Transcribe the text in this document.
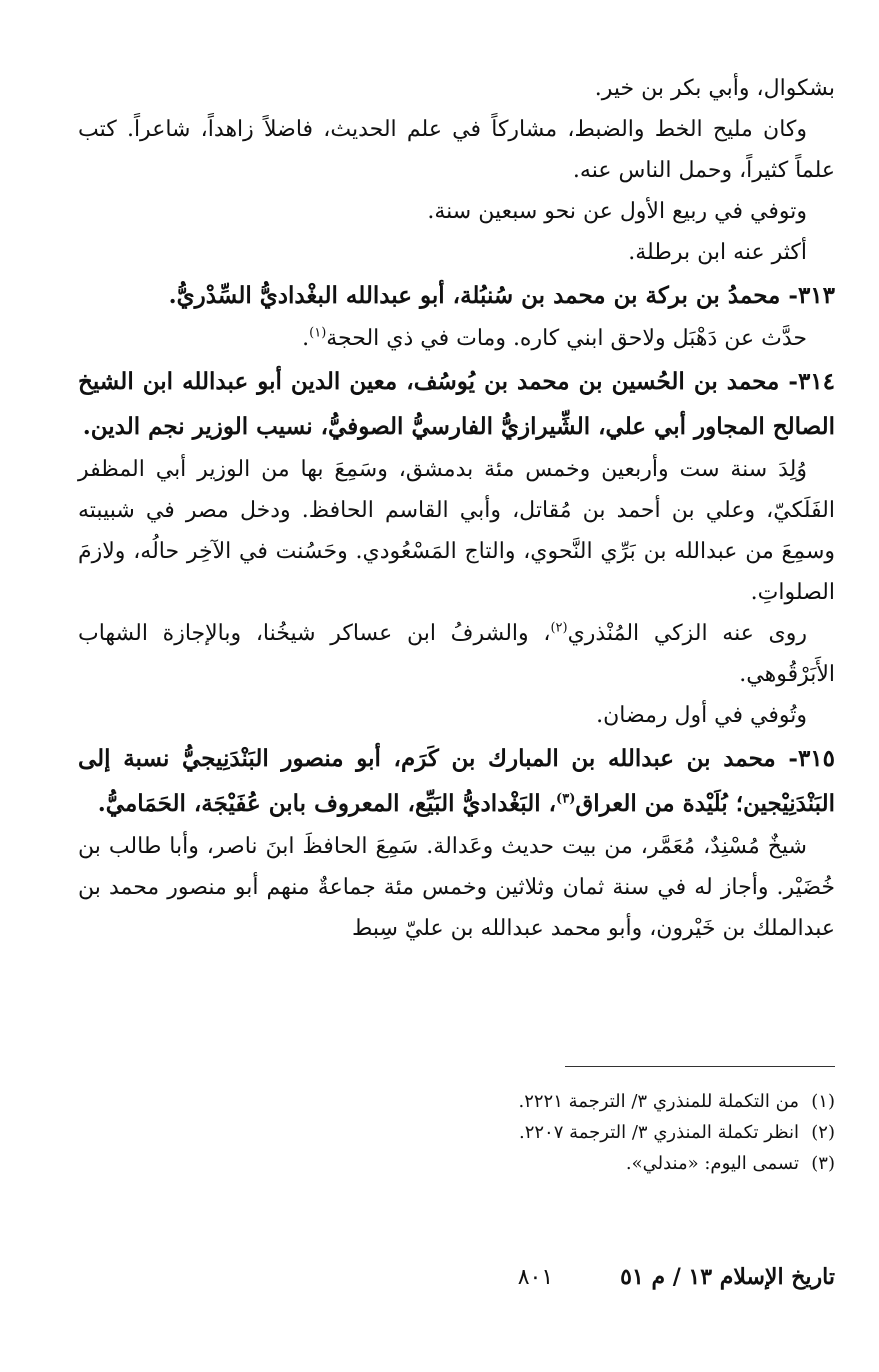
بشكوال، وأبي بكر بن خير.

وكان مليح الخط والضبط، مشاركاً في علم الحديث، فاضلاً زاهداً، شاعراً. كتب علماً كثيراً، وحمل الناس عنه.

وتوفي في ربيع الأول عن نحو سبعين سنة.

أكثر عنه ابن برطلة.

٣١٣- محمدُ بن بركة بن محمد بن سُنبُلة، أبو عبدالله البغْداديُّ السِّدْريُّ.

حدَّث عن دَهْبَل ولاحق ابني كاره. ومات في ذي الحجة$^{(١)}$.

٣١٤- محمد بن الحُسين بن محمد بن يُوسُف، معين الدين أبو عبدالله ابن الشيخ الصالح المجاور أبي علي، الشِّيرازيُّ الفارسيُّ الصوفيُّ، نسيب الوزير نجم الدين.

وُلِدَ سنة ست وأربعين وخمس مئة بدمشق، وسَمِعَ بها من الوزير أبي المظفر الفَلَكيّ، وعلي بن أحمد بن مُقاتل، وأبي القاسم الحافظ. ودخل مصر في شبيبته وسمِعَ من عبدالله بن بَرِّي النَّحوي، والتاج المَسْعُودي. وحَسُنت في الآخِر حالُه، ولازمَ الصلواتِ.

روى عنه الزكي المُنْذري$^{(٢)}$، والشرفُ ابن عساكر شيخُنا، وبالإجازة الشهاب الأَبَرْقُوهي.

وتُوفي في أول رمضان.

٣١٥- محمد بن عبدالله بن المبارك بن كَرَم، أبو منصور البَنْدَنِيجيُّ نسبة إلى البَنْدَنِيْجين؛ بُلَيْدة من العراق$^{(٣)}$، البَغْداديُّ البَيِّع، المعروف بابن عُفَيْجَة، الحَمَاميُّ.

شيخٌ مُسْنِدٌ، مُعَمَّر، من بيت حديث وعَدالة. سَمِعَ الحافظَ ابنَ ناصر، وأبا طالب بن خُضَيْر. وأجاز له في سنة ثمان وثلاثين وخمس مئة جماعةٌ منهم أبو منصور محمد بن عبدالملك بن خَيْرون، وأبو محمد عبدالله بن عليّ سِبط

(١)من التكملة للمنذري ٣/ الترجمة ٢٢٢١.

(٢)انظر تكملة المنذري ٣/ الترجمة ٢٢٠٧.

(٣)تسمى اليوم: «مندلي».

تاريخ الإسلام ١٣ / م ٥١ ٨٠١
